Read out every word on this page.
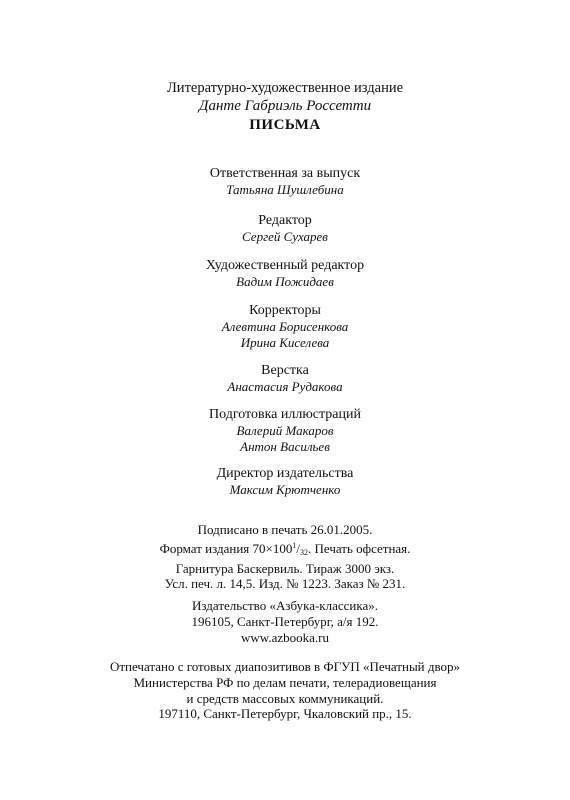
Литературно-художественное издание
Данте Габриэль Россетти
ПИСЬМА
Ответственная за выпуск
Татьяна Шушлебина
Редактор
Сергей Сухарев
Художественный редактор
Вадим Пожидаев
Корректоры
Алевтина Борисенкова
Ирина Киселева
Верстка
Анастасия Рудакова
Подготовка иллюстраций
Валерий Макаров
Антон Васильев
Директор издательства
Максим Крютченко
Подписано в печать 26.01.2005.
Формат издания $70\times 100^1/_{32}$. Печать офсетная.
Гарнитура Баскервиль. Тираж 3000 экз.
Усл. печ. л. 14,5. Изд. № 1223. Заказ № 231.
Издательство «Азбука-классика».
196105, Санкт-Петербург, а/я 192.
www.azbooka.ru
Отпечатано с готовых диапозитивов в ФГУП «Печатный двор»
Министерства РФ по делам печати, телерадиовещания
и средств массовых коммуникаций.
197110, Санкт-Петербург, Чкаловский пр., 15.
